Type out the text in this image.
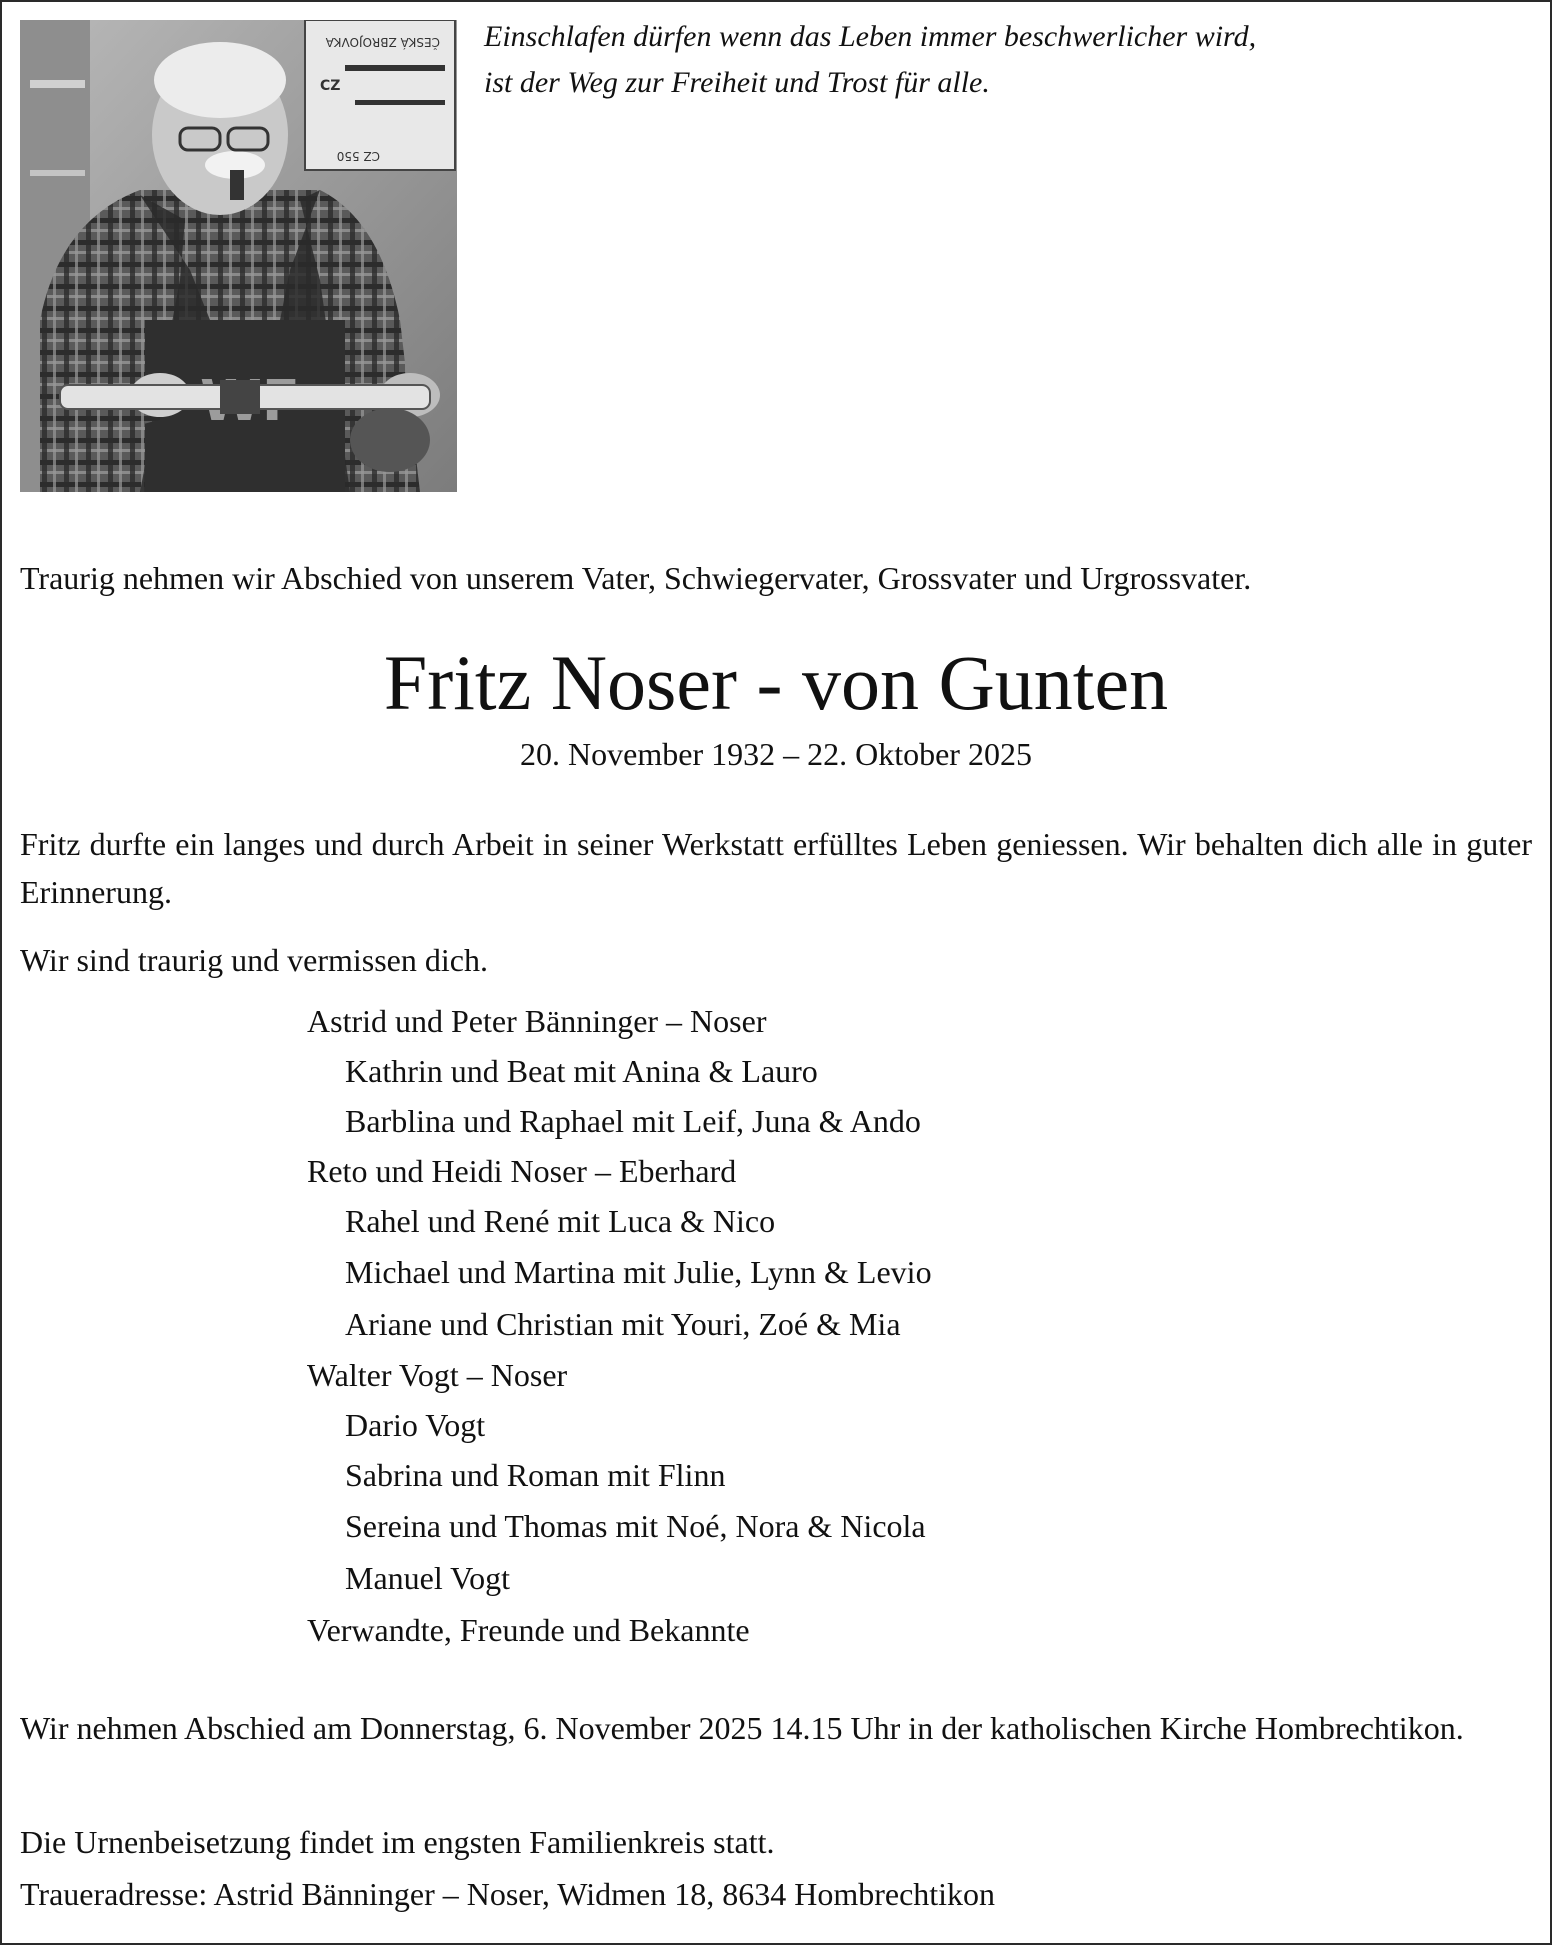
ČESKÁ ZBROJOVKA
CZ
CZ 550
Einschlafen dürfen wenn das Leben immer beschwerlicher wird,
ist der Weg zur Freiheit und Trost für alle.
Traurig nehmen wir Abschied von unserem Vater, Schwiegervater, Grossvater und Urgrossvater.
Fritz Noser - von Gunten
20. November 1932 – 22. Oktober 2025
Fritz durfte ein langes und durch Arbeit in seiner Werkstatt erfülltes Leben geniessen. Wir behalten dich alle in guter Erinnerung.
Wir sind traurig und vermissen dich.
Astrid und Peter Bänninger – Noser
Kathrin und Beat mit Anina & Lauro
Barblina und Raphael mit Leif, Juna & Ando
Reto und Heidi Noser – Eberhard
Rahel und René mit Luca & Nico
Michael und Martina mit Julie, Lynn & Levio
Ariane und Christian mit Youri, Zoé & Mia
Walter Vogt – Noser
Dario Vogt
Sabrina und Roman mit Flinn
Sereina und Thomas mit Noé, Nora & Nicola
Manuel Vogt
Verwandte, Freunde und Bekannte
Wir nehmen Abschied am Donnerstag, 6. November 2025 14.15 Uhr in der katholischen Kirche Hombrechtikon.
Die Urnenbeisetzung findet im engsten Familienkreis statt.
Traueradresse: Astrid Bänninger – Noser, Widmen 18, 8634 Hombrechtikon
